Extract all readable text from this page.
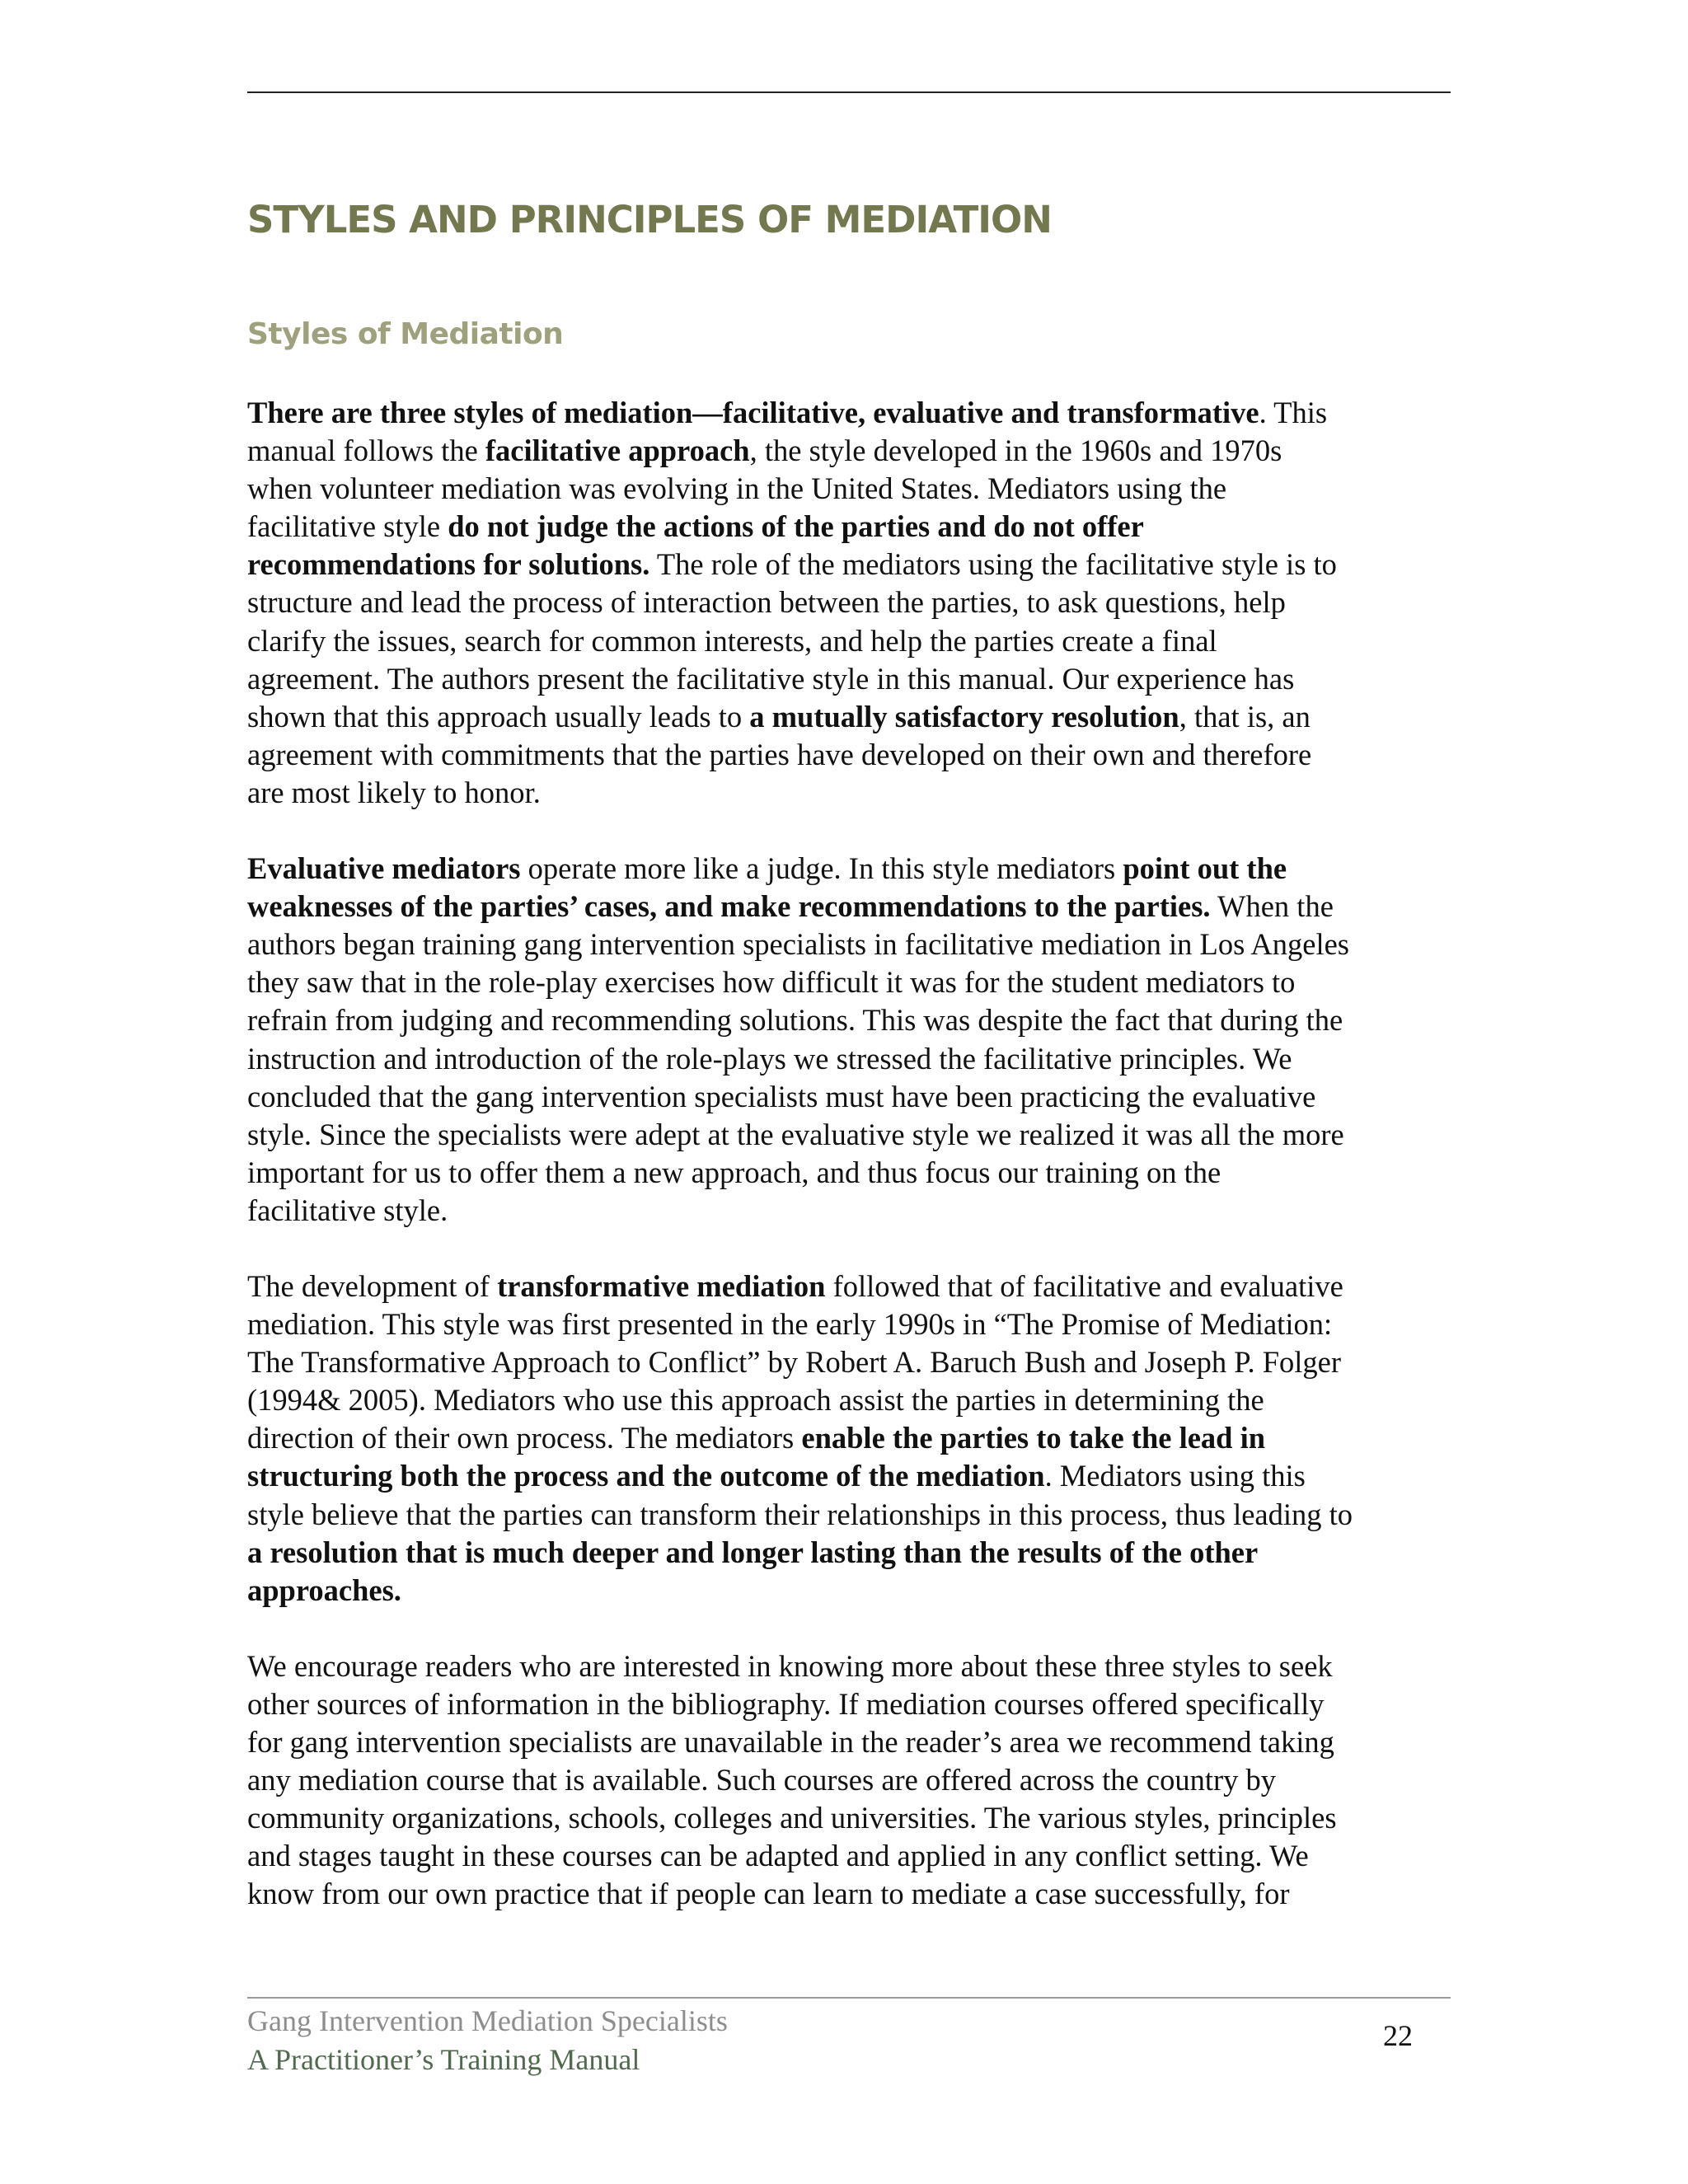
STYLES AND PRINCIPLES OF MEDIATION
Styles of Mediation

There are three styles of mediation—facilitative, evaluative and transformative. This
manual follows the facilitative approach, the style developed in the 1960s and 1970s
when volunteer mediation was evolving in the United States. Mediators using the
facilitative style do not judge the actions of the parties and do not offer
recommendations for solutions. The role of the mediators using the facilitative style is to
structure and lead the process of interaction between the parties, to ask questions, help
clarify the issues, search for common interests, and help the parties create a final
agreement. The authors present the facilitative style in this manual. Our experience has
shown that this approach usually leads to a mutually satisfactory resolution, that is, an
agreement with commitments that the parties have developed on their own and therefore
are most likely to honor.

Evaluative mediators operate more like a judge. In this style mediators point out the
weaknesses of the parties’ cases, and make recommendations to the parties. When the
authors began training gang intervention specialists in facilitative mediation in Los Angeles
they saw that in the role-play exercises how difficult it was for the student mediators to
refrain from judging and recommending solutions. This was despite the fact that during the
instruction and introduction of the role-plays we stressed the facilitative principles. We
concluded that the gang intervention specialists must have been practicing the evaluative
style. Since the specialists were adept at the evaluative style we realized it was all the more
important for us to offer them a new approach, and thus focus our training on the
facilitative style.

The development of transformative mediation followed that of facilitative and evaluative
mediation. This style was first presented in the early 1990s in “The Promise of Mediation:
The Transformative Approach to Conflict” by Robert A. Baruch Bush and Joseph P. Folger
(1994& 2005). Mediators who use this approach assist the parties in determining the
direction of their own process. The mediators enable the parties to take the lead in
structuring both the process and the outcome of the mediation. Mediators using this
style believe that the parties can transform their relationships in this process, thus leading to
a resolution that is much deeper and longer lasting than the results of the other
approaches.

We encourage readers who are interested in knowing more about these three styles to seek
other sources of information in the bibliography. If mediation courses offered specifically
for gang intervention specialists are unavailable in the reader’s area we recommend taking
any mediation course that is available. Such courses are offered across the country by
community organizations, schools, colleges and universities. The various styles, principles
and stages taught in these courses can be adapted and applied in any conflict setting. We
know from our own practice that if people can learn to mediate a case successfully, for

Gang Intervention Mediation Specialists
A Practitioner’s Training Manual
22
